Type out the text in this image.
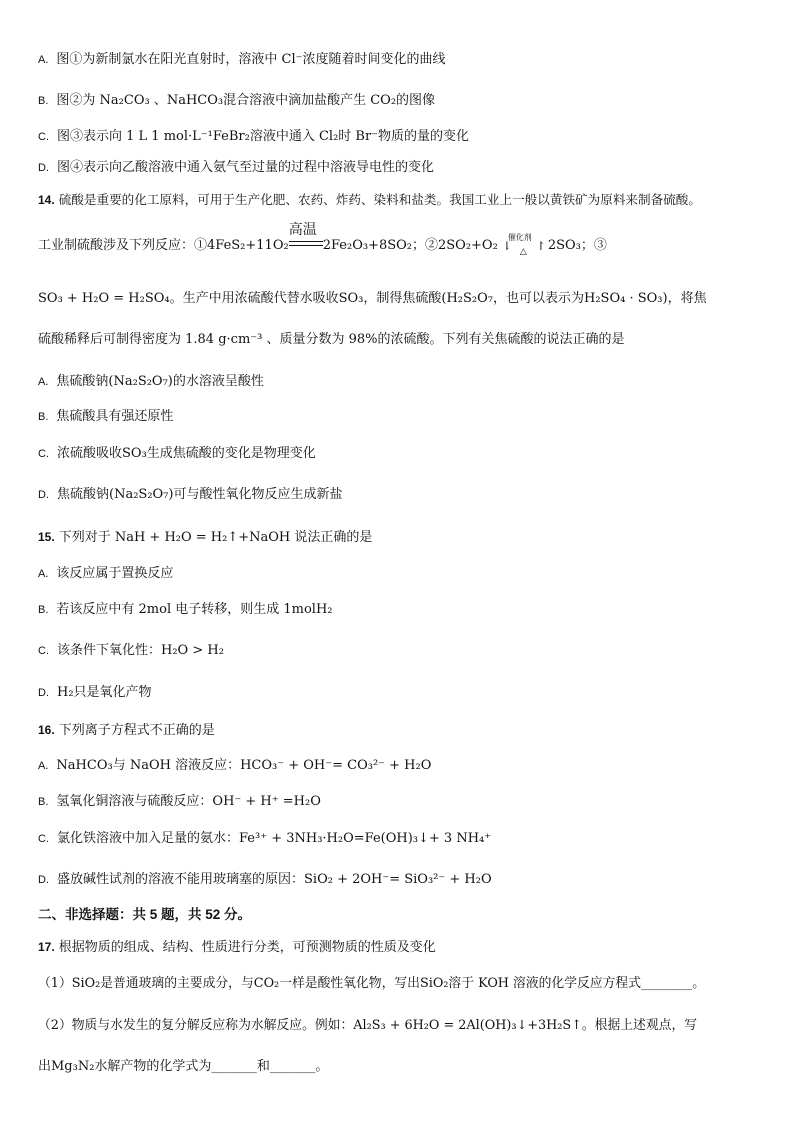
A. 图①为新制氯水在阳光直射时，溶液中 Cl⁻浓度随着时间变化的曲线
B. 图②为 Na₂CO₃ 、NaHCO₃混合溶液中滴加盐酸产生 CO₂的图像
C. 图③表示向 1 L 1 mol·L⁻¹FeBr₂溶液中通入 Cl₂时 Br⁻物质的量的变化
D. 图④表示向乙酸溶液中通入氨气至过量的过程中溶液导电性的变化
14. 硫酸是重要的化工原料，可用于生产化肥、农药、炸药、染料和盐类。我国工业上一般以黄铁矿为原料来制备硫酸。
工业制硫酸涉及下列反应：①4FeS₂+11O₂
高温
2Fe₂O₃+8SO₂；②2SO₂+O₂
催化剂
⇂ △ ↾ 2SO₃；③
SO₃ + H₂O = H₂SO₄。生产中用浓硫酸代替水吸收SO₃，制得焦硫酸(H₂S₂O₇，也可以表示为H₂SO₄ · SO₃)，将焦
硫酸稀释后可制得密度为 1.84 g·cm⁻³ 、质量分数为 98%的浓硫酸。下列有关焦硫酸的说法正确的是
A. 焦硫酸钠(Na₂S₂O₇)的水溶液呈酸性
B. 焦硫酸具有强还原性
C. 浓硫酸吸收SO₃生成焦硫酸的变化是物理变化
D. 焦硫酸钠(Na₂S₂O₇)可与酸性氧化物反应生成新盐
15. 下列对于 NaH + H₂O = H₂↑+NaOH 说法正确的是
A. 该反应属于置换反应
B. 若该反应中有 2mol 电子转移，则生成 1molH₂
C. 该条件下氧化性：H₂O > H₂
D. H₂只是氧化产物
16. 下列离子方程式不正确的是
A. NaHCO₃与 NaOH 溶液反应：HCO₃⁻ + OH⁻= CO₃²⁻ + H₂O
B. 氢氧化铜溶液与硫酸反应：OH⁻ + H⁺ =H₂O
C. 氯化铁溶液中加入足量的氨水：Fe³⁺ + 3NH₃·H₂O=Fe(OH)₃↓+ 3 NH₄⁺
D. 盛放碱性试剂的溶液不能用玻璃塞的原因：SiO₂ + 2OH⁻= SiO₃²⁻ + H₂O
二、非选择题：共 5 题，共 52 分。
17. 根据物质的组成、结构、性质进行分类，可预测物质的性质及变化
（1）SiO₂是普通玻璃的主要成分，与CO₂一样是酸性氧化物，写出SiO₂溶于 KOH 溶液的化学反应方程式________。
（2）物质与水发生的复分解反应称为水解反应。例如：Al₂S₃ + 6H₂O = 2Al(OH)₃↓+3H₂S↑。根据上述观点，写
出Mg₃N₂水解产物的化学式为_______和_______。
